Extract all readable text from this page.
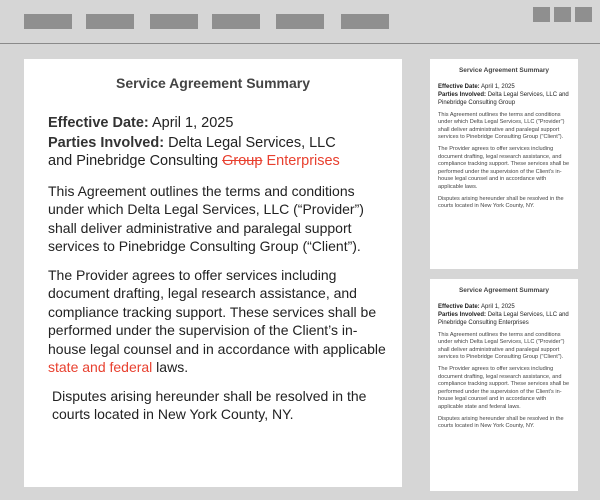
Service Agreement Summary
Effective Date: April 1, 2025
Parties Involved: Delta Legal Services, LLC
and Pinebridge Consulting Group Enterprises

This Agreement outlines the terms and conditions under which Delta Legal Services, LLC (“Provider”) shall deliver administrative and paralegal support services to Pinebridge Consulting Group (“Client”).

The Provider agrees to offer services including document drafting, legal research assistance, and compliance tracking support. These services shall be performed under the supervision of the Client’s in-house legal counsel and in accordance with applicable state and federal laws.

Disputes arising hereunder shall be resolved in the courts located in New York County, NY.

Service Agreement Summary
Effective Date: April 1, 2025
Parties Involved: Delta Legal Services, LLC and Pinebridge Consulting Group

This Agreement outlines the terms and conditions under which Delta Legal Services, LLC ("Provider") shall deliver administrative and paralegal support services to Pinebridge Consulting Group ("Client").

The Provider agrees to offer services including document drafting, legal research assistance, and compliance tracking support. These services shall be performed under the supervision of the Client's in-house legal counsel and in accordance with applicable laws.

Disputes arising hereunder shall be resolved in the courts located in New York County, NY.

Service Agreement Summary
Effective Date: April 1, 2025
Parties Involved: Delta Legal Services, LLC and Pinebridge Consulting Enterprises

This Agreement outlines the terms and conditions under which Delta Legal Services, LLC ("Provider") shall deliver administrative and paralegal support services to Pinebridge Consulting Group ("Client").

The Provider agrees to offer services including document drafting, legal research assistance, and compliance tracking support. These services shall be performed under the supervision of the Client's in-house legal counsel and in accordance with applicable state and federal laws.

Disputes arising hereunder shall be resolved in the courts located in New York County, NY.
